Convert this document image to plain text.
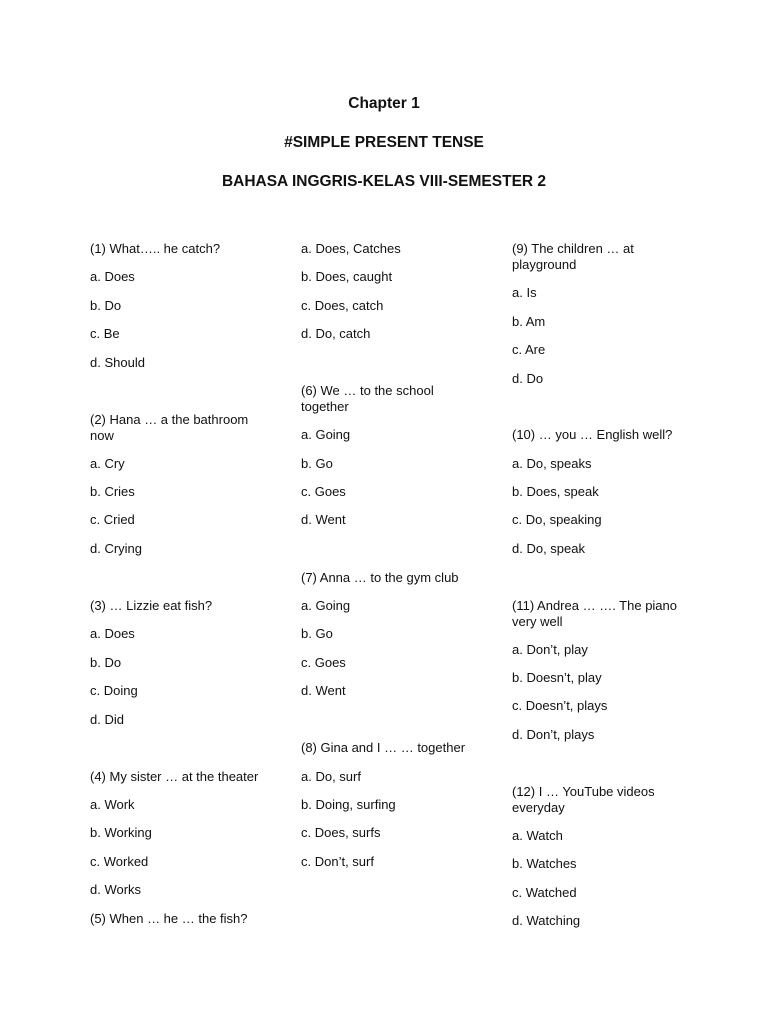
Chapter 1
#SIMPLE PRESENT TENSE
BAHASA INGGRIS-KELAS VIII-SEMESTER 2
(1) What….. he catch?
a. Does
b. Do
c. Be
d. Should
(2) Hana … a the bathroom now
a. Cry
b. Cries
c. Cried
d. Crying
(3) … Lizzie eat fish?
a. Does
b. Do
c. Doing
d. Did
(4) My sister … at the theater
a. Work
b. Working
c. Worked
d. Works
(5) When … he … the fish?
a. Does, Catches
b. Does, caught
c. Does, catch
d. Do, catch
(6) We … to the school together
a. Going
b. Go
c. Goes
d. Went
(7) Anna … to the gym club
a. Going
b. Go
c. Goes
d. Went
(8) Gina and I … … together
a. Do, surf
b. Doing, surfing
c. Does, surfs
c. Don’t, surf
(9) The children … at playground
a. Is
b. Am
c. Are
d. Do
(10) … you … English well?
a. Do, speaks
b. Does, speak
c. Do, speaking
d. Do, speak
(11) Andrea … …. The piano very well
a. Don’t, play
b. Doesn’t, play
c. Doesn’t, plays
d. Don’t, plays
(12) I … YouTube videos everyday
a. Watch
b. Watches
c. Watched
d. Watching
